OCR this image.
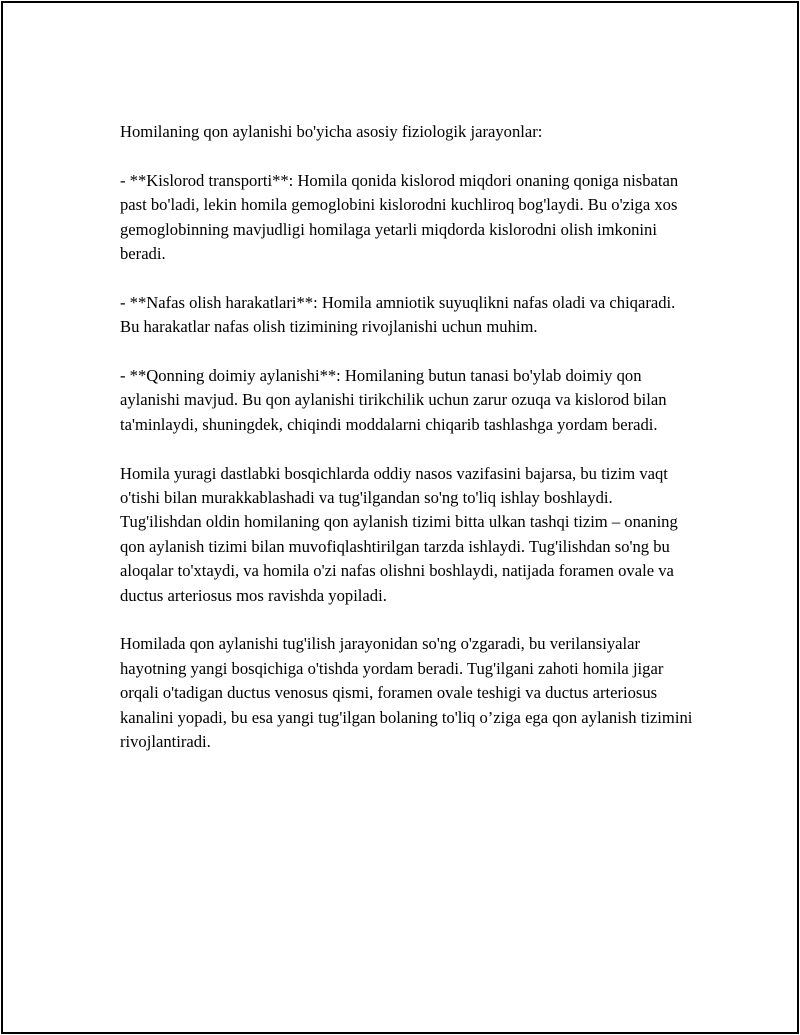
Homilaning qon aylanishi bo'yicha asosiy fiziologik jarayonlar:

- **Kislorod transporti**: Homila qonida kislorod miqdori onaning qoniga nisbatan past bo'ladi, lekin homila gemoglobini kislorodni kuchliroq bog'laydi. Bu o'ziga xos gemoglobinning mavjudligi homilaga yetarli miqdorda kislorodni olish imkonini beradi.

- **Nafas olish harakatlari**: Homila amniotik suyuqlikni nafas oladi va chiqaradi. Bu harakatlar nafas olish tizimining rivojlanishi uchun muhim.

- **Qonning doimiy aylanishi**: Homilaning butun tanasi bo'ylab doimiy qon aylanishi mavjud. Bu qon aylanishi tirikchilik uchun zarur ozuqa va kislorod bilan ta'minlaydi, shuningdek, chiqindi moddalarni chiqarib tashlashga yordam beradi.

Homila yuragi dastlabki bosqichlarda oddiy nasos vazifasini bajarsa, bu tizim vaqt o'tishi bilan murakkablashadi va tug'ilgandan so'ng to'liq ishlay boshlaydi. Tug'ilishdan oldin homilaning qon aylanish tizimi bitta ulkan tashqi tizim – onaning qon aylanish tizimi bilan muvofiqlashtirilgan tarzda ishlaydi. Tug'ilishdan so'ng bu aloqalar to'xtaydi, va homila o'zi nafas olishni boshlaydi, natijada foramen ovale va ductus arteriosus mos ravishda yopiladi.

Homilada qon aylanishi tug'ilish jarayonidan so'ng o'zgaradi, bu verilansiyalar hayotning yangi bosqichiga o'tishda yordam beradi. Tug'ilgani zahoti homila jigar orqali o'tadigan ductus venosus qismi, foramen ovale teshigi va ductus arteriosus kanalini yopadi, bu esa yangi tug'ilgan bolaning to'liq o’ziga ega qon aylanish tizimini rivojlantiradi.
